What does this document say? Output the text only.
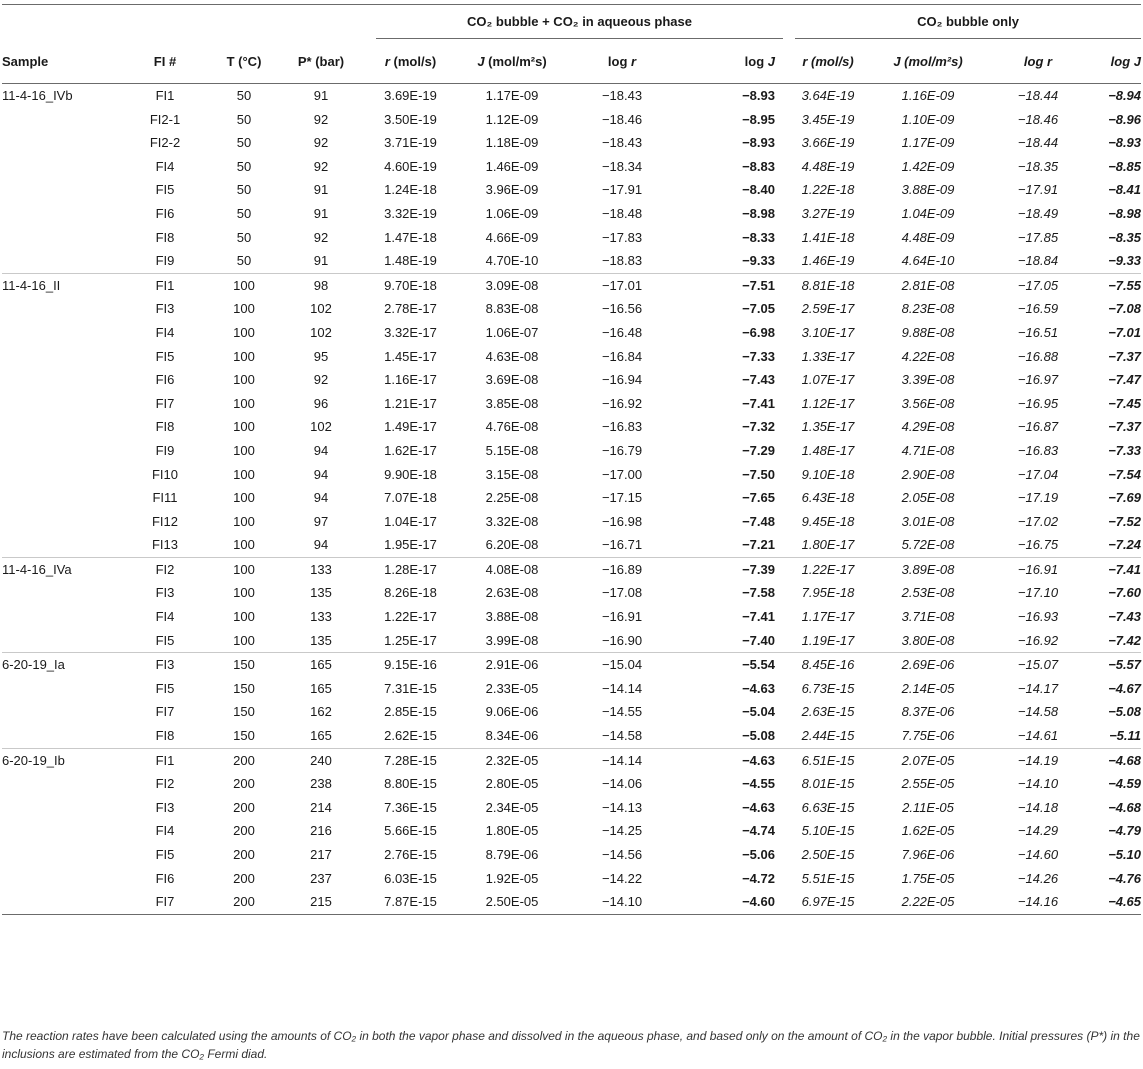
				CO₂ bubble + CO₂ in aqueous phase				CO₂ bubble only			

Sample	FI #	T (°C)	P* (bar)	r (mol/s)	J (mol/m²s)	log r	log J	r (mol/s)	J (mol/m²s)	log r	log J
11-4-16_IVb	FI1	50	91	3.69E-19	1.17E-09	−18.43	−8.93	3.64E-19	1.16E-09	−18.44	−8.94
	FI2-1	50	92	3.50E-19	1.12E-09	−18.46	−8.95	3.45E-19	1.10E-09	−18.46	−8.96
	FI2-2	50	92	3.71E-19	1.18E-09	−18.43	−8.93	3.66E-19	1.17E-09	−18.44	−8.93
	FI4	50	92	4.60E-19	1.46E-09	−18.34	−8.83	4.48E-19	1.42E-09	−18.35	−8.85
	FI5	50	91	1.24E-18	3.96E-09	−17.91	−8.40	1.22E-18	3.88E-09	−17.91	−8.41
	FI6	50	91	3.32E-19	1.06E-09	−18.48	−8.98	3.27E-19	1.04E-09	−18.49	−8.98
	FI8	50	92	1.47E-18	4.66E-09	−17.83	−8.33	1.41E-18	4.48E-09	−17.85	−8.35
	FI9	50	91	1.48E-19	4.70E-10	−18.83	−9.33	1.46E-19	4.64E-10	−18.84	−9.33
11-4-16_II	FI1	100	98	9.70E-18	3.09E-08	−17.01	−7.51	8.81E-18	2.81E-08	−17.05	−7.55
	FI3	100	102	2.78E-17	8.83E-08	−16.56	−7.05	2.59E-17	8.23E-08	−16.59	−7.08
	FI4	100	102	3.32E-17	1.06E-07	−16.48	−6.98	3.10E-17	9.88E-08	−16.51	−7.01
	FI5	100	95	1.45E-17	4.63E-08	−16.84	−7.33	1.33E-17	4.22E-08	−16.88	−7.37
	FI6	100	92	1.16E-17	3.69E-08	−16.94	−7.43	1.07E-17	3.39E-08	−16.97	−7.47
	FI7	100	96	1.21E-17	3.85E-08	−16.92	−7.41	1.12E-17	3.56E-08	−16.95	−7.45
	FI8	100	102	1.49E-17	4.76E-08	−16.83	−7.32	1.35E-17	4.29E-08	−16.87	−7.37
	FI9	100	94	1.62E-17	5.15E-08	−16.79	−7.29	1.48E-17	4.71E-08	−16.83	−7.33
	FI10	100	94	9.90E-18	3.15E-08	−17.00	−7.50	9.10E-18	2.90E-08	−17.04	−7.54
	FI11	100	94	7.07E-18	2.25E-08	−17.15	−7.65	6.43E-18	2.05E-08	−17.19	−7.69
	FI12	100	97	1.04E-17	3.32E-08	−16.98	−7.48	9.45E-18	3.01E-08	−17.02	−7.52
	FI13	100	94	1.95E-17	6.20E-08	−16.71	−7.21	1.80E-17	5.72E-08	−16.75	−7.24
11-4-16_IVa	FI2	100	133	1.28E-17	4.08E-08	−16.89	−7.39	1.22E-17	3.89E-08	−16.91	−7.41
	FI3	100	135	8.26E-18	2.63E-08	−17.08	−7.58	7.95E-18	2.53E-08	−17.10	−7.60
	FI4	100	133	1.22E-17	3.88E-08	−16.91	−7.41	1.17E-17	3.71E-08	−16.93	−7.43
	FI5	100	135	1.25E-17	3.99E-08	−16.90	−7.40	1.19E-17	3.80E-08	−16.92	−7.42
6-20-19_Ia	FI3	150	165	9.15E-16	2.91E-06	−15.04	−5.54	8.45E-16	2.69E-06	−15.07	−5.57
	FI5	150	165	7.31E-15	2.33E-05	−14.14	−4.63	6.73E-15	2.14E-05	−14.17	−4.67
	FI7	150	162	2.85E-15	9.06E-06	−14.55	−5.04	2.63E-15	8.37E-06	−14.58	−5.08
	FI8	150	165	2.62E-15	8.34E-06	−14.58	−5.08	2.44E-15	7.75E-06	−14.61	−5.11
6-20-19_Ib	FI1	200	240	7.28E-15	2.32E-05	−14.14	−4.63	6.51E-15	2.07E-05	−14.19	−4.68
	FI2	200	238	8.80E-15	2.80E-05	−14.06	−4.55	8.01E-15	2.55E-05	−14.10	−4.59
	FI3	200	214	7.36E-15	2.34E-05	−14.13	−4.63	6.63E-15	2.11E-05	−14.18	−4.68
	FI4	200	216	5.66E-15	1.80E-05	−14.25	−4.74	5.10E-15	1.62E-05	−14.29	−4.79
	FI5	200	217	2.76E-15	8.79E-06	−14.56	−5.06	2.50E-15	7.96E-06	−14.60	−5.10
	FI6	200	237	6.03E-15	1.92E-05	−14.22	−4.72	5.51E-15	1.75E-05	−14.26	−4.76
	FI7	200	215	7.87E-15	2.50E-05	−14.10	−4.60	6.97E-15	2.22E-05	−14.16	−4.65
The reaction rates have been calculated using the amounts of CO₂ in both the vapor phase and dissolved in the aqueous phase, and based only on the amount of CO₂ in the vapor bubble. Initial pressures (P*) in the inclusions are estimated from the CO₂ Fermi diad.
